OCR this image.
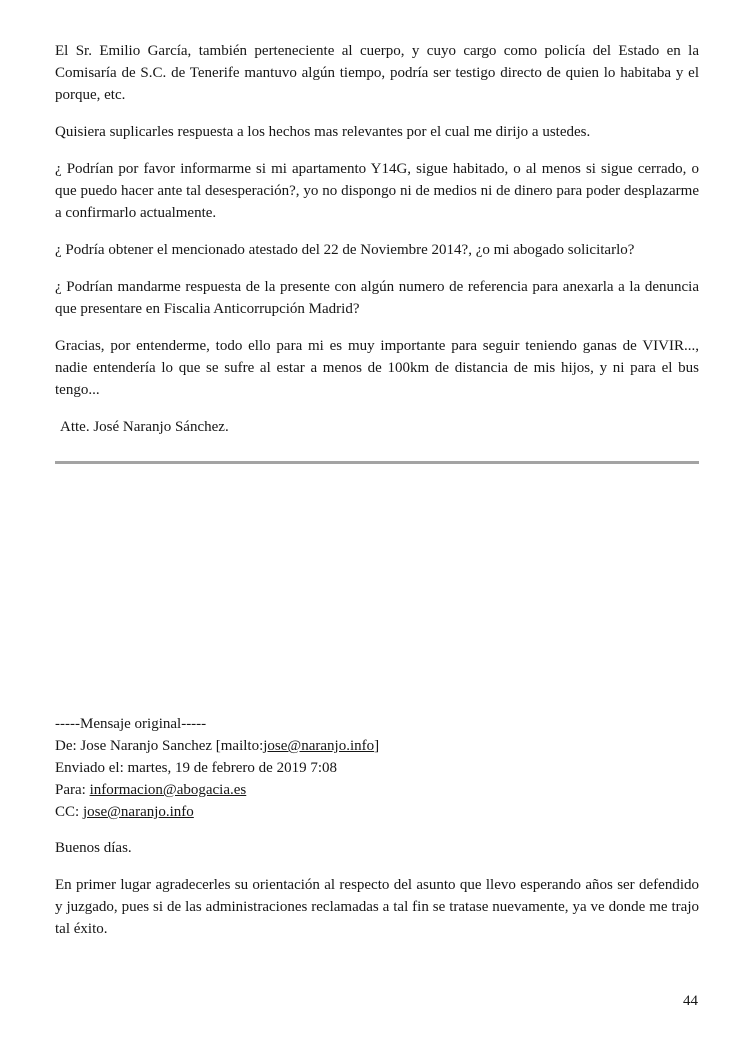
El Sr. Emilio García, también perteneciente al cuerpo, y cuyo cargo como policía del Estado en la Comisaría de S.C. de Tenerife mantuvo algún tiempo, podría ser testigo directo de quien lo habitaba y el porque, etc.

Quisiera suplicarles respuesta a los hechos mas relevantes por el cual me dirijo a ustedes.

¿ Podrían por favor informarme si mi apartamento Y14G, sigue habitado, o al menos si sigue cerrado, o que puedo hacer ante tal desesperación?, yo no dispongo ni de medios ni de dinero para poder desplazarme a confirmarlo actualmente.

¿ Podría obtener el mencionado atestado del 22 de Noviembre 2014?, ¿o mi abogado solicitarlo?

¿ Podrían mandarme respuesta de la presente con algún numero de referencia para anexarla a la denuncia que presentare en Fiscalia Anticorrupción Madrid?

Gracias, por entenderme, todo ello para mi es muy importante para seguir teniendo ganas de VIVIR..., nadie entendería lo que se sufre al estar a menos de 100km de distancia de mis hijos, y ni para el bus tengo...

Atte. José Naranjo Sánchez.

-----Mensaje original-----

De: Jose Naranjo Sanchez [mailto:jose@naranjo.info]

Enviado el: martes, 19 de febrero de 2019 7:08

Para: informacion@abogacia.es

CC: jose@naranjo.info

Buenos días.

En primer lugar agradecerles su orientación al respecto del asunto que llevo esperando años ser defendido y juzgado, pues si de las administraciones reclamadas a tal fin se tratase nuevamente, ya ve donde me trajo tal éxito.

44
